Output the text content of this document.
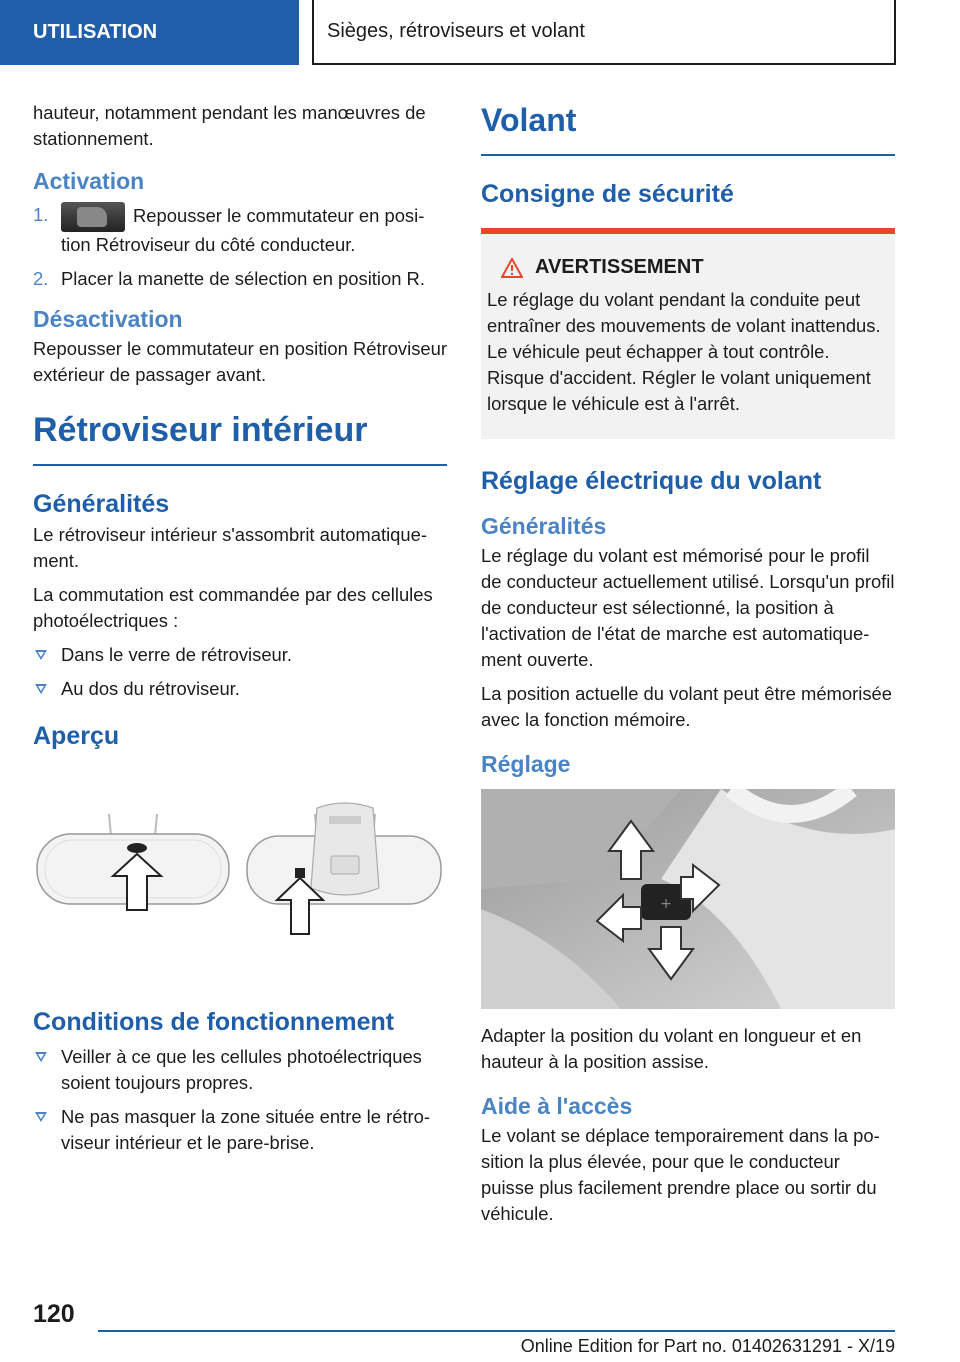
UTILISATION	Sièges, rétroviseurs et volant

hauteur, notamment pendant les manœuvres de stationnement.

Activation
1.	Repousser le commutateur en position Rétroviseur du côté conducteur.
2. Placer la manette de sélection en position R.
Désactivation

Repousser le commutateur en position Rétroviseur extérieur de passager avant.

Rétroviseur intérieur
Généralités

Le rétroviseur intérieur s'assombrit automatiquement.

La commutation est commandée par des cellules photoélectriques :

Dans le verre de rétroviseur.
Au dos du rétroviseur.
Aperçu
Conditions de fonctionnement
Veiller à ce que les cellules photoélectriques soient toujours propres.
Ne pas masquer la zone située entre le rétroviseur intérieur et le pare-brise.
Volant
Consigne de sécurité
AVERTISSEMENT

Le réglage du volant pendant la conduite peut entraîner des mouvements de volant inattendus. Le véhicule peut échapper à tout contrôle. Risque d'accident. Régler le volant uniquement lorsque le véhicule est à l'arrêt.

Réglage électrique du volant
Généralités

Le réglage du volant est mémorisé pour le profil de conducteur actuellement utilisé. Lorsqu'un profil de conducteur est sélectionné, la position à l'activation de l'état de marche est automatiquement ouverte.

La position actuelle du volant peut être mémorisée avec la fonction mémoire.

Réglage
+

Adapter la position du volant en longueur et en hauteur à la position assise.

Aide à l'accès

Le volant se déplace temporairement dans la position la plus élevée, pour que le conducteur puisse plus facilement prendre place ou sortir du véhicule.

120
Online Edition for Part no. 01402631291 - X/19
